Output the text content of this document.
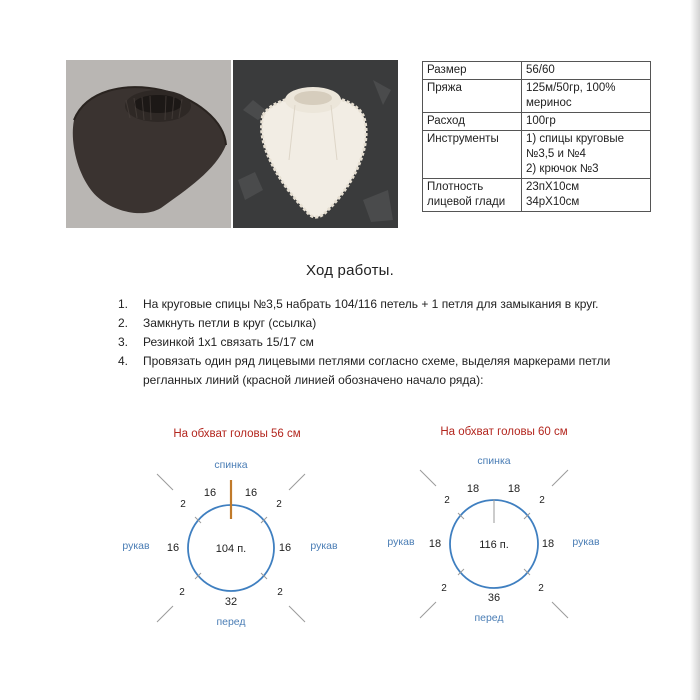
Размер	56/60
Пряжа	125м/50гр, 100%
меринос
Расход	100гр
Инструменты	1) спицы круговые
№3,5 и №4
2) крючок №3
Плотность
лицевой глади	23пХ10см
34рХ10см
Ход работы.
1. На круговые спицы №3,5 набрать 104/116 петель + 1 петля для замыкания в круг.
2. Замкнуть петли в круг (ссылка)
3. Резинкой 1х1 связать 15/17 см
4. Провязать один ряд лицевыми петлями согласно схеме, выделяя маркерами петли
регланных линий (красной линией обозначено начало ряда):
На обхват головы 56 см
спинка
104 п.
16	16
16	16
32
2	2
2	2
рукав	рукав
перед
На обхват головы 60 см
спинка
116 п.
18	18
18	18
36
2	2
2	2
рукав	рукав
перед
